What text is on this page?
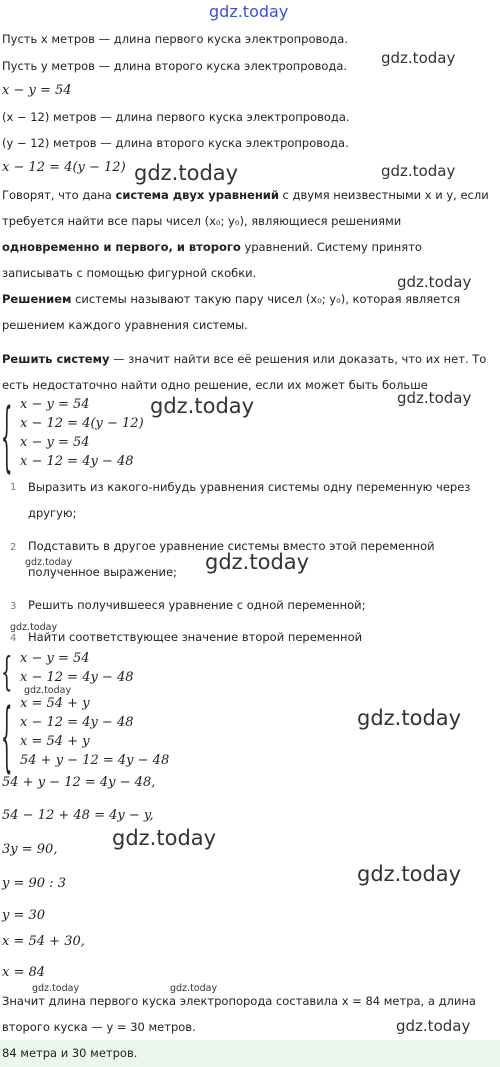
gdz.today
gdz.today
gdz.today	gdz.today
gdz.today
gdz.today	gdz.today
gdz.today	gdz.today
gdz.today
gdz.today
gdz.today
gdz.today
gdz.today
gdz.today	gdz.today
gdz.today
Пусть x метров — длина первого куска электропровода.
Пусть y метров — длина второго куска электропровода.
x − y = 54
(x − 12) метров — длина первого куска электропровода.
(y − 12) метров — длина второго куска электропровода.
x − 12 = 4(y − 12)
Говорят, что дана система двух уравнений с двумя неизвестными x и y, если требуется найти все пары чисел (x₀; y₀), являющиеся решениями одновременно и первого, и второго уравнений. Систему принято записывать с помощью фигурной скобки.
Решением системы называют такую пару чисел (x₀; y₀), которая является решением каждого уравнения системы.
Решить систему — значит найти все её решения или доказать, что их нет. То есть недостаточно найти одно решение, если их может быть больше
{ x − y = 54
x − 12 = 4(y − 12)
x − y = 54
x − 12 = 4y − 48
1 Выразить из какого-нибудь уравнения системы одну переменную через другую;
2 Подставить в другое уравнение системы вместо этой переменной полученное выражение;
3 Решить получившееся уравнение с одной переменной;
4 Найти соответствующее значение второй переменной
{ x − y = 54
x − 12 = 4y − 48
{ x = 54 + y
x − 12 = 4y − 48
x = 54 + y
54 + y − 12 = 4y − 48
54 + y − 12 = 4y − 48,
54 − 12 + 48 = 4y − y,
3y = 90,
y = 90 : 3
y = 30
x = 54 + 30,
x = 84
Значит длина первого куска электропорода составила x = 84 метра, а длина второго куска — y = 30 метров.
84 метра и 30 метров.
